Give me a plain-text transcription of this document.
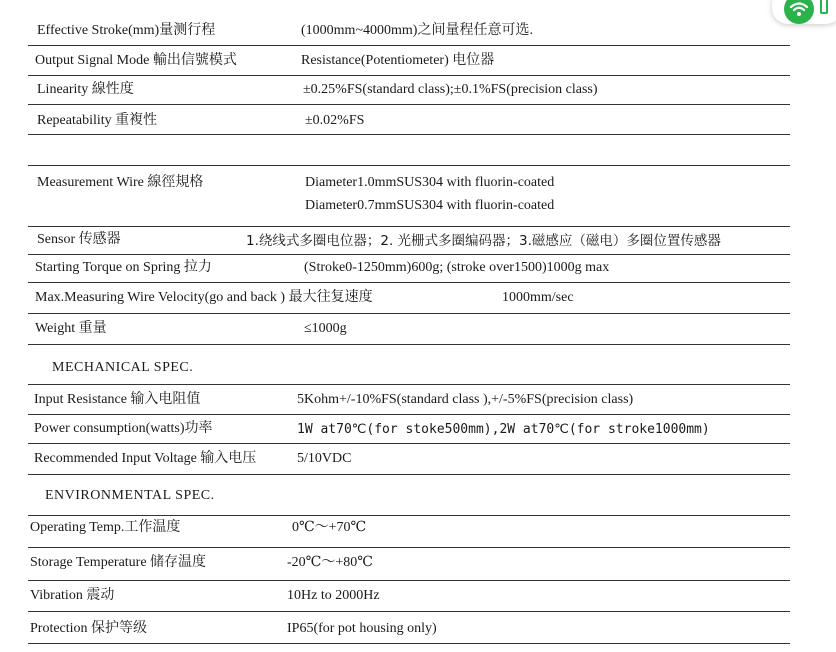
Effective Stroke(mm)量测行程	(1000mm~4000mm)之间量程任意可选.
Output Signal Mode 輸出信號模式	Resistance(Potentiometer) 电位器
Linearity 線性度	±0.25%FS(standard class);±0.1%FS(precision class)
Repeatability 重複性	±0.02%FS
Measurement Wire 線徑規格	Diameter1.0mmSUS304 with fluorin-coated
Diameter0.7mmSUS304 with fluorin-coated
Sensor 传感器	1.绕线式多圈电位器；2. 光栅式多圈编码器；3.磁感应（磁电）多圈位置传感器
Starting Torque on Spring 拉力	(Stroke0-1250mm)600g; (stroke over1500)1000g max
Max.Measuring Wire Velocity(go and back ) 最大往复速度	1000mm/sec
Weight 重量	≤1000g
MECHANICAL SPEC.
Input Resistance 输入电阻值	5Kohm+/-10%FS(standard class ),+/-5%FS(precision class)
Power consumption(watts)功率	1W at70℃(for stoke500mm),2W at70℃(for stroke1000mm)
Recommended Input Voltage 输入电压	5/10VDC
ENVIRONMENTAL SPEC.
Operating Temp.工作温度	0℃～+70℃
Storage Temperature 储存温度	-20℃～+80℃
Vibration 震动	10Hz to 2000Hz
Protection 保护等级	IP65(for pot housing only)
